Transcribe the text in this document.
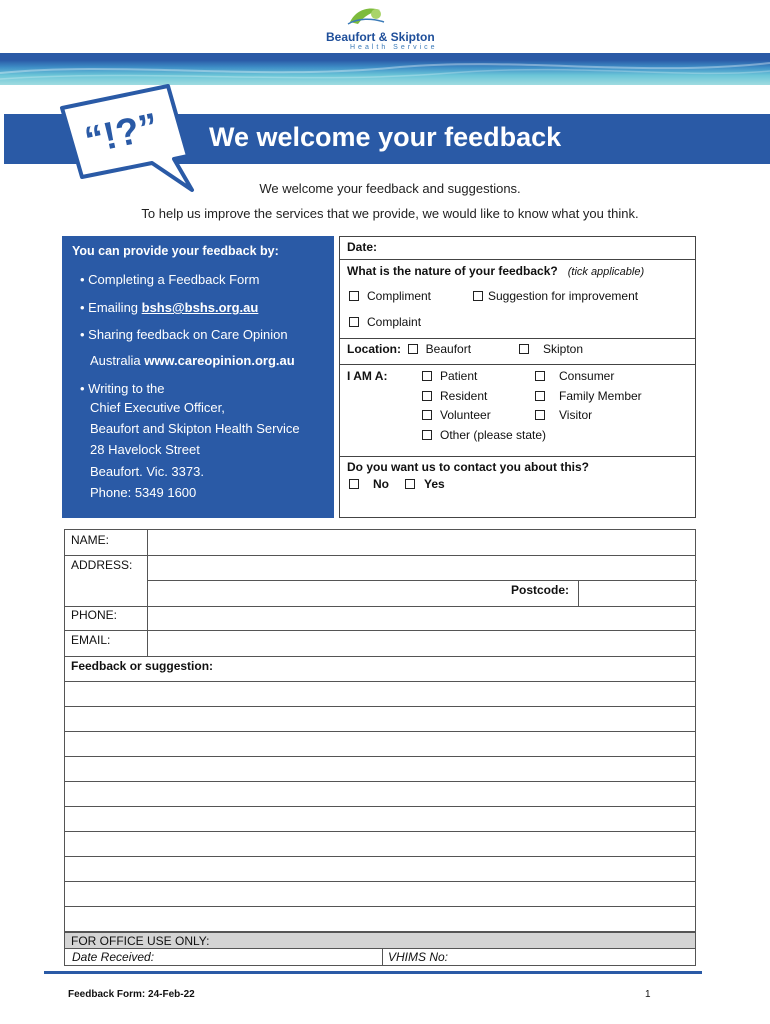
Beaufort & Skipton
Health Service
“!?” We welcome your feedback
We welcome your feedback and suggestions.
To help us improve the services that we provide, we would like to know what you think.
You can provide your feedback by:
• Completing a Feedback Form
• Emailing bshs@bshs.org.au
• Sharing feedback on Care Opinion
Australia www.careopinion.org.au
• Writing to the
Chief Executive Officer,
Beaufort and Skipton Health Service
28 Havelock Street
Beaufort. Vic. 3373.
Phone: 5349 1600
Date:
What is the nature of your feedback? (tick applicable)
Compliment	Suggestion for improvement
Complaint
Location: Beaufort	Skipton
I AM A:	Patient	Consumer
Resident	Family Member
Volunteer	Visitor
Other (please state)
Do you want us to contact you about this?
No	Yes
NAME:
ADDRESS:
Postcode:
PHONE:
EMAIL:
Feedback or suggestion:
FOR OFFICE USE ONLY:
Date Received:	VHIMS No:
Feedback Form: 24-Feb-22	1
